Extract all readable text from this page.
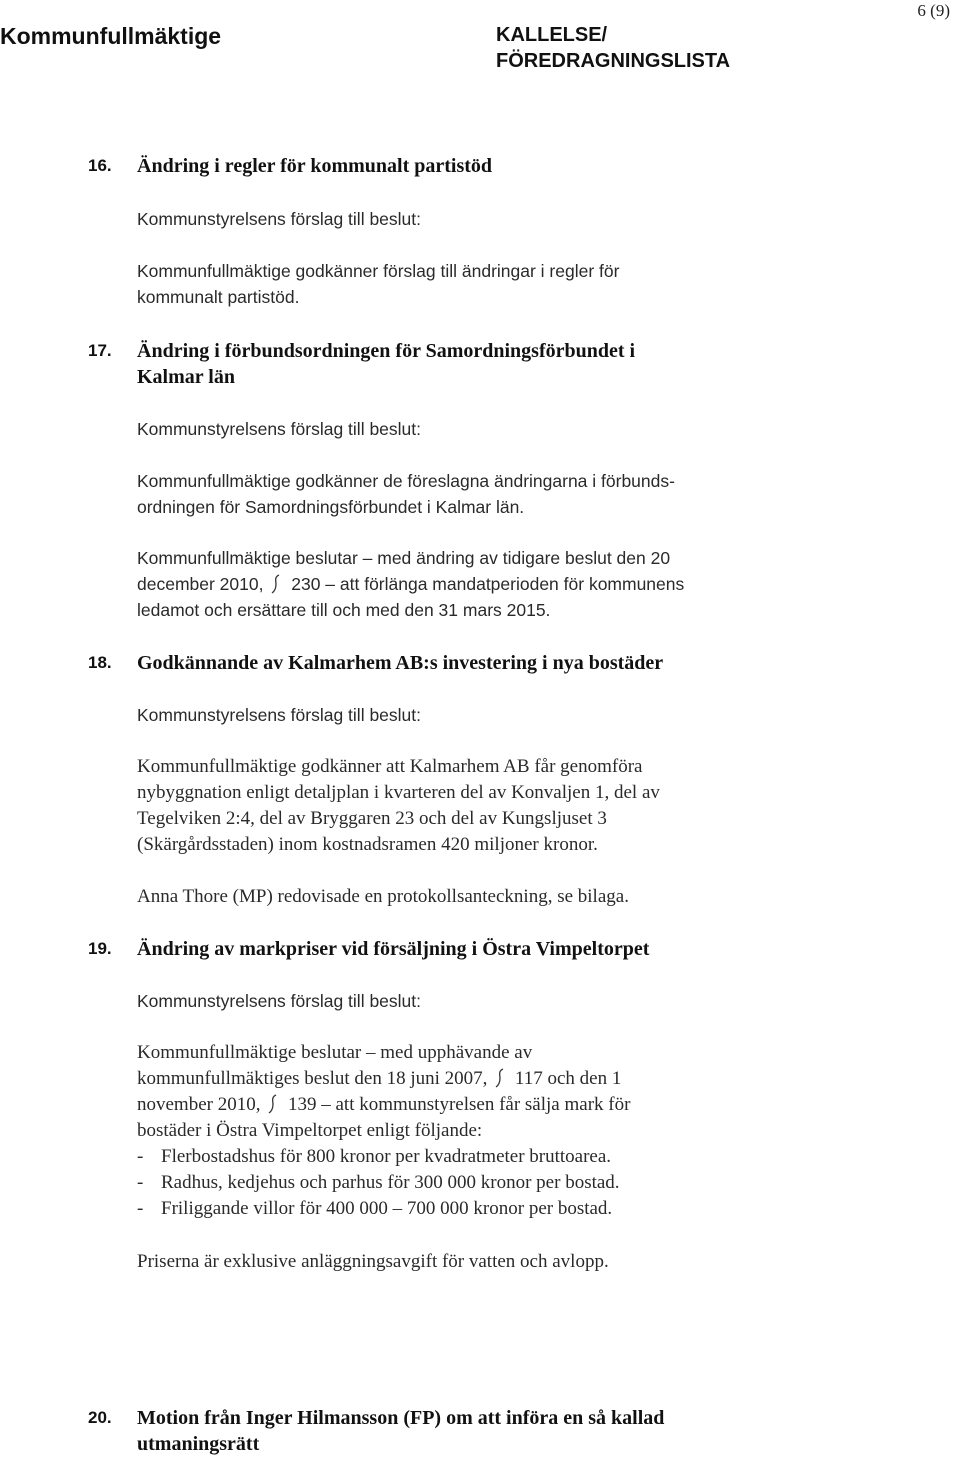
Kommunfullmäktige	KALLELSE/
FÖREDRAGNINGSLISTA
6 (9)
16. Ändring i regler för kommunalt partistöd
Kommunstyrelsens förslag till beslut:
Kommunfullmäktige godkänner förslag till ändringar i regler för
kommunalt partistöd.
17. Ändring i förbundsordningen för Samordningsförbundet i
Kalmar län
Kommunstyrelsens förslag till beslut:
Kommunfullmäktige godkänner de föreslagna ändringarna i förbunds-
ordningen för Samordningsförbundet i Kalmar län.
Kommunfullmäktige beslutar – med ändring av tidigare beslut den 20
december 2010, 230 – att förlänga mandatperioden för kommunens
ledamot och ersättare till och med den 31 mars 2015.
18. Godkännande av Kalmarhem AB:s investering i nya bostäder
Kommunstyrelsens förslag till beslut:
Kommunfullmäktige godkänner att Kalmarhem AB får genomföra
nybyggnation enligt detaljplan i kvarteren del av Konvaljen 1, del av
Tegelviken 2:4, del av Bryggaren 23 och del av Kungsljuset 3
(Skärgårdsstaden) inom kostnadsramen 420 miljoner kronor.
Anna Thore (MP) redovisade en protokollsanteckning, se bilaga.
19. Ändring av markpriser vid försäljning i Östra Vimpeltorpet
Kommunstyrelsens förslag till beslut:
Kommunfullmäktige beslutar – med upphävande av
kommunfullmäktiges beslut den 18 juni 2007, 117 och den 1
november 2010, 139 – att kommunstyrelsen får sälja mark för
bostäder i Östra Vimpeltorpet enligt följande:
- Flerbostadshus för 800 kronor per kvadratmeter bruttoarea.
- Radhus, kedjehus och parhus för 300 000 kronor per bostad.
- Friliggande villor för 400 000 – 700 000 kronor per bostad.
Priserna är exklusive anläggningsavgift för vatten och avlopp.
20. Motion från Inger Hilmansson (FP) om att införa en så kallad
utmaningsrätt
